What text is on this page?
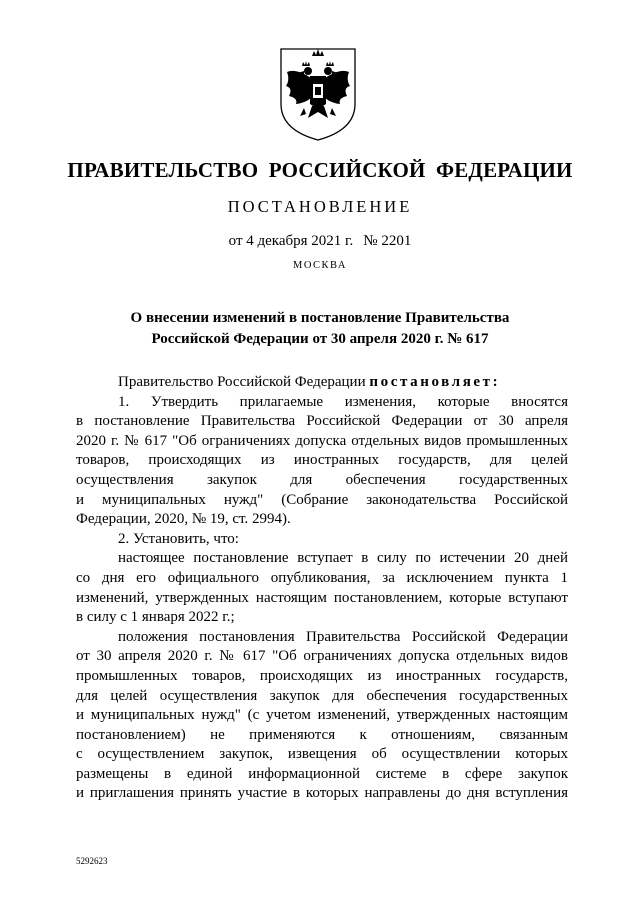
ПРАВИТЕЛЬСТВО РОССИЙСКОЙ ФЕДЕРАЦИИ
ПОСТАНОВЛЕНИЕ
от 4 декабря 2021 г. № 2201
МОСКВА
О внесении изменений в постановление Правительства
Российской Федерации от 30 апреля 2020 г. № 617
Правительство Российской Федерации постановляет:
1. Утвердить прилагаемые изменения, которые вносятся
в постановление Правительства Российской Федерации от 30 апреля
2020 г. № 617 "Об ограничениях допуска отдельных видов промышленных
товаров, происходящих из иностранных государств, для целей
осуществления закупок для обеспечения государственных
и муниципальных нужд" (Собрание законодательства Российской
Федерации, 2020, № 19, ст. 2994).
2. Установить, что:
настоящее постановление вступает в силу по истечении 20 дней
со дня его официального опубликования, за исключением пункта 1
изменений, утвержденных настоящим постановлением, которые вступают
в силу с 1 января 2022 г.;
положения постановления Правительства Российской Федерации
от 30 апреля 2020 г. № 617 "Об ограничениях допуска отдельных видов
промышленных товаров, происходящих из иностранных государств,
для целей осуществления закупок для обеспечения государственных
и муниципальных нужд" (с учетом изменений, утвержденных настоящим
постановлением) не применяются к отношениям, связанным
с осуществлением закупок, извещения об осуществлении которых
размещены в единой информационной системе в сфере закупок
и приглашения принять участие в которых направлены до дня вступления
5292623
